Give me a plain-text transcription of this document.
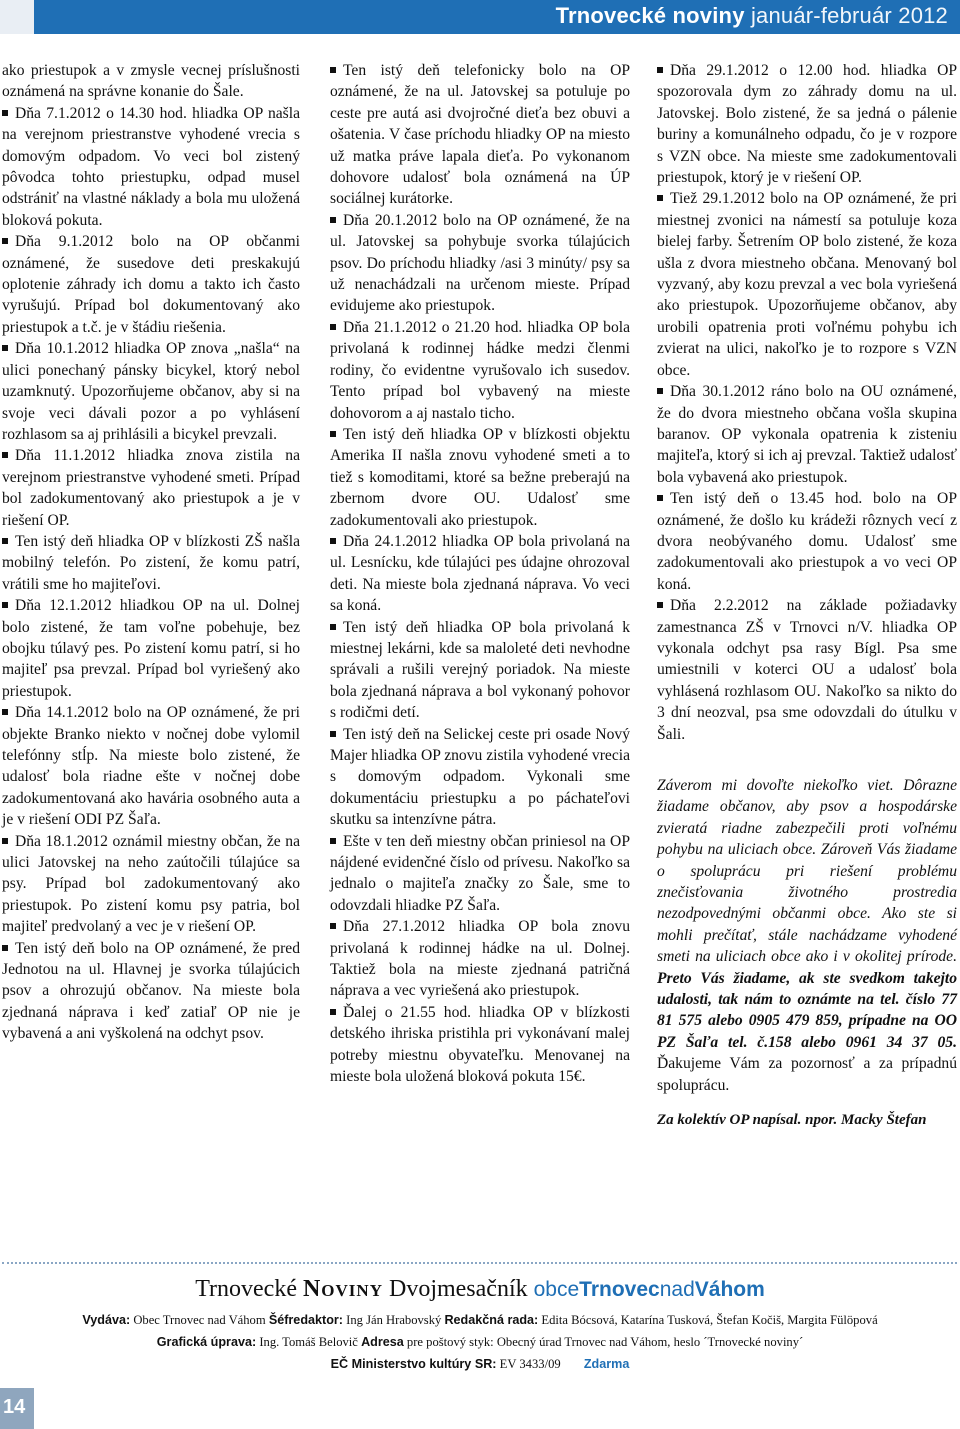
Trnovecké noviny január-február 2012

ako priestupok a v zmysle vecnej príslušnosti oznámená na správne konanie do Šale.

Dňa 7.1.2012 o 14.30 hod. hliadka OP našla na verejnom priestranstve vyhodené vrecia s domovým odpadom. Vo veci bol zistený pôvodca tohto priestupku, odpad musel odstrániť na vlastné náklady a bola mu uložená bloková pokuta.

Dňa 9.1.2012 bolo na OP občanmi oznámené, že susedove deti preskakujú oplotenie záhrady ich domu a takto ich často vyrušujú. Prípad bol dokumentovaný ako priestupok a t.č. je v štádiu riešenia.

Dňa 10.1.2012 hliadka OP znova „našla“ na ulici ponechaný pánsky bicykel, ktorý nebol uzamknutý. Upozorňujeme občanov, aby si na svoje veci dávali pozor a po vyhlásení rozhlasom sa aj prihlásili a bicykel prevzali.

Dňa 11.1.2012 hliadka znova zistila na verejnom priestranstve vyhodené smeti. Prípad bol zadokumentovaný ako priestupok a je v riešení OP.

Ten istý deň hliadka OP v blízkosti ZŠ našla mobilný telefón. Po zistení, že komu patrí, vrátili sme ho majiteľovi.

Dňa 12.1.2012 hliadkou OP na ul. Dolnej bolo zistené, že tam voľne pobehuje, bez obojku túlavý pes. Po zistení komu patrí, si ho majiteľ psa prevzal. Prípad bol vyriešený ako priestupok.

Dňa 14.1.2012 bolo na OP oznámené, že pri objekte Branko niekto v nočnej dobe vylomil telefónny stĺp. Na mieste bolo zistené, že udalosť bola riadne ešte v nočnej dobe zadokumentovaná ako havária osobného auta a je v riešení ODI PZ Šaľa.

Dňa 18.1.2012 oznámil miestny občan, že na ulici Jatovskej na neho zaútočili túlajúce sa psy. Prípad bol zadokumentovaný ako priestupok. Po zistení komu psy patria, bol majiteľ predvolaný a vec je v riešení OP.

Ten istý deň bolo na OP oznámené, že pred Jednotou na ul. Hlavnej je svorka túlajúcich psov a ohrozujú občanov. Na mieste bola zjednaná náprava i keď zatiaľ OP nie je vybavená a ani vyškolená na odchyt psov.

Ten istý deň telefonicky bolo na OP oznámené, že na ul. Jatovskej sa potuluje po ceste pre autá asi dvojročné dieťa bez obuvi a ošatenia. V čase príchodu hliadky OP na miesto už matka práve lapala dieťa. Po vykonanom dohovore udalosť bola oznámená na ÚP sociálnej kurátorke.

Dňa 20.1.2012 bolo na OP oznámené, že na ul. Jatovskej sa pohybuje svorka túlajúcich psov. Do príchodu hliadky /asi 3 minúty/ psy sa už nenachádzali na určenom mieste. Prípad evidujeme ako priestupok.

Dňa 21.1.2012 o 21.20 hod. hliadka OP bola privolaná k rodinnej hádke medzi členmi rodiny, čo evidentne vyrušovalo ich susedov. Tento prípad bol vybavený na mieste dohovorom a aj nastalo ticho.

Ten istý deň hliadka OP v blízkosti objektu Amerika II našla znovu vyhodené smeti a to tiež s komoditami, ktoré sa bežne preberajú na zbernom dvore OU. Udalosť sme zadokumentovali ako priestupok.

Dňa 24.1.2012 hliadka OP bola privolaná na ul. Lesnícku, kde túlajúci pes údajne ohrozoval deti. Na mieste bola zjednaná náprava. Vo veci sa koná.

Ten istý deň hliadka OP bola privolaná k miestnej lekárni, kde sa maloleté deti nevhodne správali a rušili verejný poriadok. Na mieste bola zjednaná náprava a bol vykonaný pohovor s rodičmi detí.

Ten istý deň na Selickej ceste pri osade Nový Majer hliadka OP znovu zistila vyhodené vrecia s domovým odpadom. Vykonali sme dokumentáciu priestupku a po páchateľovi skutku sa intenzívne pátra.

Ešte v ten deň miestny občan priniesol na OP nájdené evidenčné číslo od prívesu. Nakoľko sa jednalo o majiteľa značky zo Šale, sme to odovzdali hliadke PZ Šaľa.

Dňa 27.1.2012 hliadka OP bola znovu privolaná k rodinnej hádke na ul. Dolnej. Taktiež bola na mieste zjednaná patričná náprava a vec vyriešená ako priestupok.

Ďalej o 21.55 hod. hliadka OP v blízkosti detského ihriska pristihla pri vykonávaní malej potreby miestnu obyvateľku. Menovanej na mieste bola uložená bloková pokuta 15€.

Dňa 29.1.2012 o 12.00 hod. hliadka OP spozorovala dym zo záhrady domu na ul. Jatovskej. Bolo zistené, že sa jedná o pálenie buriny a komunálneho odpadu, čo je v rozpore s VZN obce. Na mieste sme zadokumentovali priestupok, ktorý je v riešení OP.

Tiež 29.1.2012 bolo na OP oznámené, že pri miestnej zvonici na námestí sa potuluje koza bielej farby. Šetrením OP bolo zistené, že koza ušla z dvora miestneho občana. Menovaný bol vyzvaný, aby kozu prevzal a vec bola vyriešená ako priestupok. Upozorňujeme občanov, aby urobili opatrenia proti voľnému pohybu ich zvierat na ulici, nakoľko je to rozpore s VZN obce.

Dňa 30.1.2012 ráno bolo na OU oznámené, že do dvora miestneho občana vošla skupina baranov. OP vykonala opatrenia k zisteniu majiteľa, ktorý si ich aj prevzal. Taktiež udalosť bola vybavená ako priestupok.

Ten istý deň o 13.45 hod. bolo na OP oznámené, že došlo ku krádeži rôznych vecí z dvora neobývaného domu. Udalosť sme zadokumentovali ako priestupok a vo veci OP koná.

Dňa 2.2.2012 na základe požiadavky zamestnanca ZŠ v Trnovci n/V. hliadka OP vykonala odchyt psa rasy Bígl. Psa sme umiestnili v koterci OU a udalosť bola vyhlásená rozhlasom OU. Nakoľko sa nikto do 3 dní neozval, psa sme odovzdali do útulku v Šali.

Záverom mi dovoľte niekoľko viet. Dôrazne žiadame občanov, aby psov a hospodárske zvieratá riadne zabezpečili proti voľnému pohybu na uliciach obce. Zároveň Vás žiadame o spoluprácu pri riešení problému znečisťovania životného prostredia nezodpovednými občanmi obce. Ako ste si mohli prečítať, stále nachádzame vyhodené smeti na uliciach obce ako i v okolitej prírode. Preto Vás žiadame, ak ste svedkom takejto udalosti, tak nám to oznámte na tel. číslo 77 81 575 alebo 0905 479 859, prípadne na OO PZ Šaľa tel. č.158 alebo 0961 34 37 05. Ďakujeme Vám za pozornosť a za prípadnú spoluprácu.

Za kolektív OP napísal. npor. Macky Štefan

Trnovecké Noviny Dvojmesačník obceTrnovecnadVáhom
Vydáva: Obec Trnovec nad Váhom Šéfredaktor: Ing Ján Hrabovský Redakčná rada: Edita Bócsová, Katarína Tusková, Štefan Kočiš, Margita Fülöpová
Grafická úprava: Ing. Tomáš Belovič Adresa pre poštový styk: Obecný úrad Trnovec nad Váhom, heslo ´Trnovecké noviny´
EČ Ministerstvo kultúry SR: EV 3433/09 Zdarma
14
